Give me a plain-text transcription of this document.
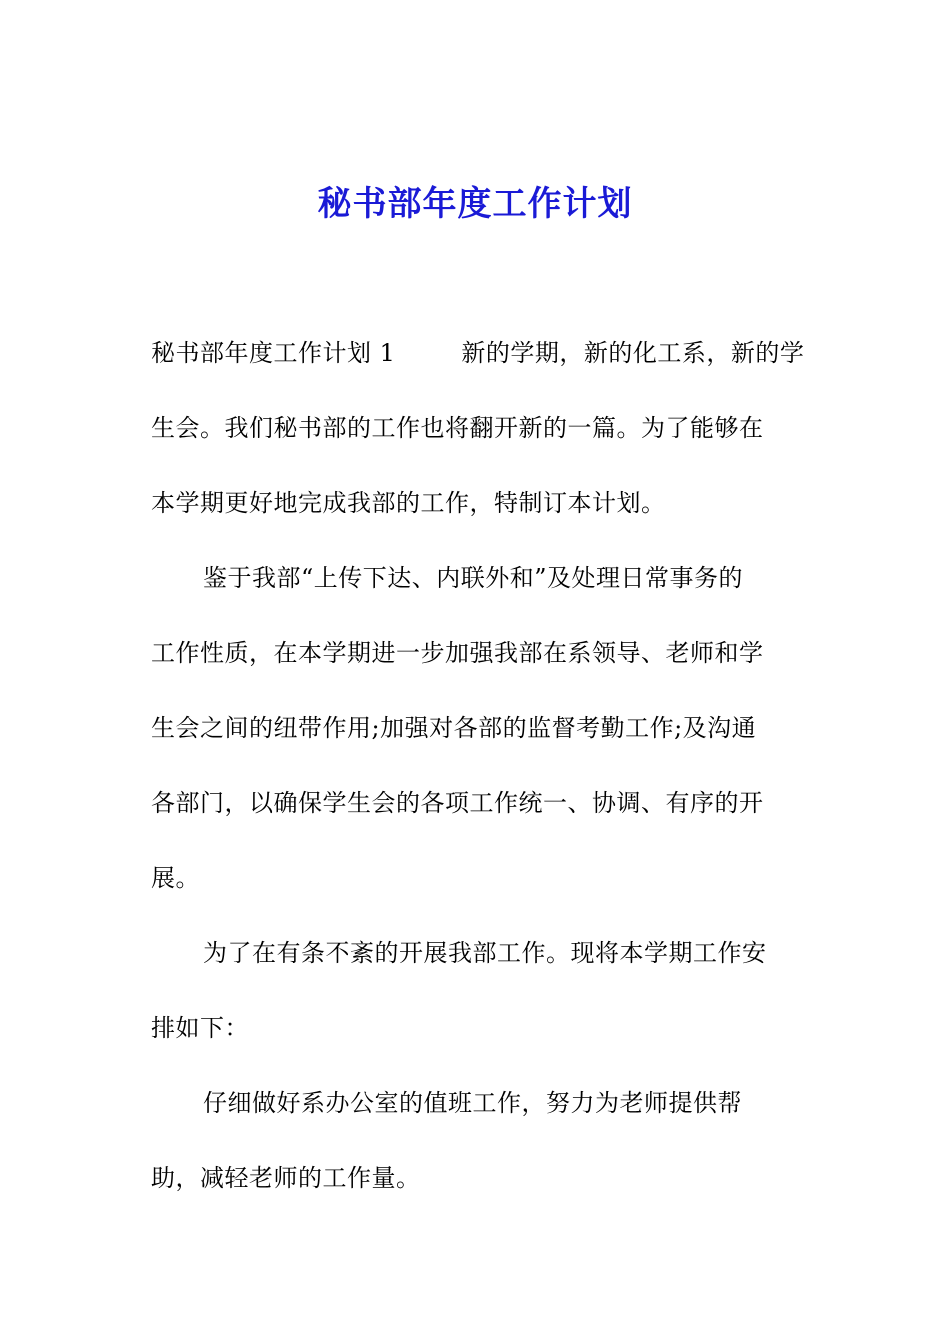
秘书部年度工作计划
秘书部年度工作计划 1	新的学期，新的化工系，新的学
生会。我们秘书部的工作也将翻开新的一篇。为了能够在
本学期更好地完成我部的工作，特制订本计划。
鉴于我部“上传下达、内联外和”及处理日常事务的
工作性质，在本学期进一步加强我部在系领导、老师和学
生会之间的纽带作用;加强对各部的监督考勤工作;及沟通
各部门，以确保学生会的各项工作统一、协调、有序的开
展。
为了在有条不紊的开展我部工作。现将本学期工作安
排如下：
仔细做好系办公室的值班工作，努力为老师提供帮
助，减轻老师的工作量。
